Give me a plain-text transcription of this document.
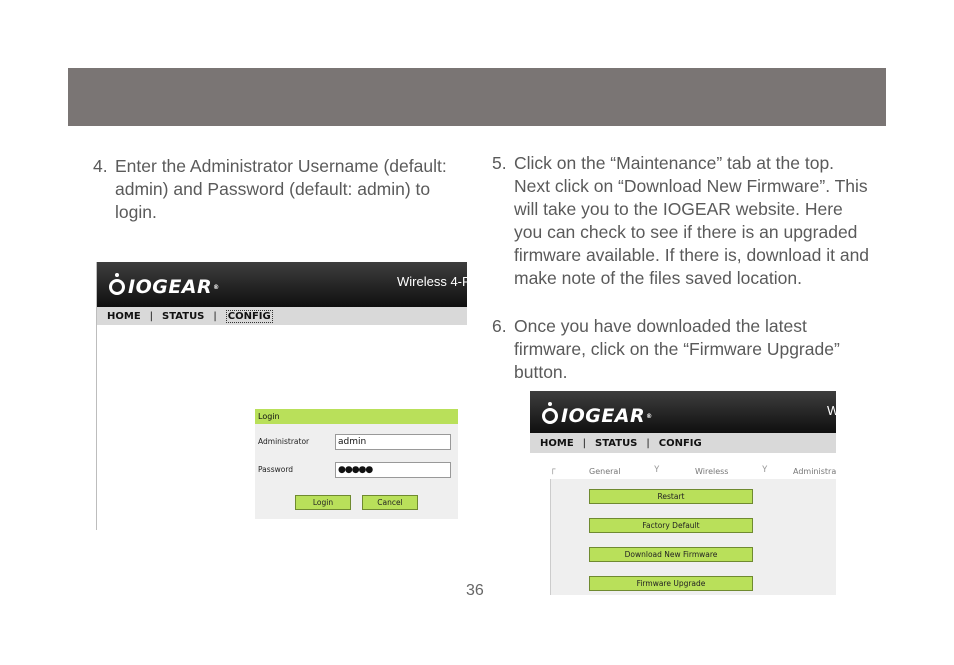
4. Enter the Administrator Username (default: admin) and Password (default: admin) to login.
5. Click on the “Maintenance” tab at the top. Next click on “Download New Firmware”. This will take you to the IOGEAR website. Here you can check to see if there is an upgraded firmware available. If there is, download it and make note of the files saved location.
6. Once you have downloaded the latest firmware, click on the “Firmware Upgrade” button.
IOGEAR ®	Wireless 4-P
HOME | STATUS | CONFIG
Login
Administrator	admin
Password	●●●●●
Login	Cancel
IOGEAR ®	W
HOME | STATUS | CONFIG
┌	General	Y	Wireless	Y	Administra
Restart
Factory Default
Download New Firmware
Firmware Upgrade
36
